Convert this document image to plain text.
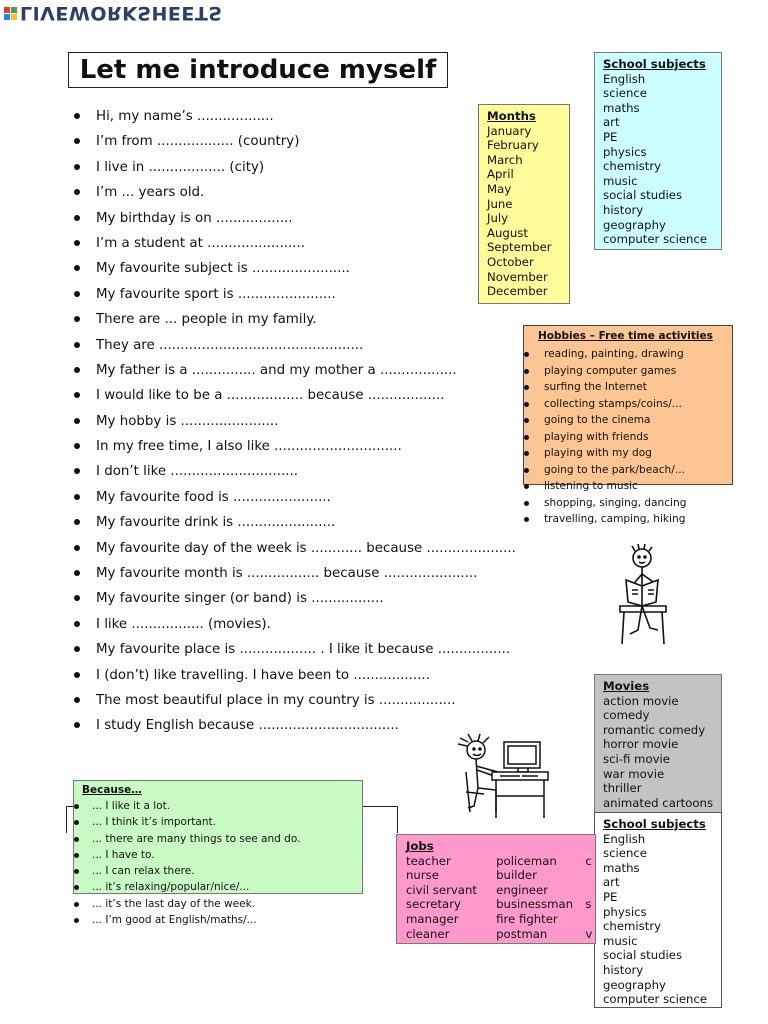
LIVEWORKSHEETS
Let me introduce myself
Hi, my name’s ..................
I’m from .................. (country)
I live in .................. (city)
I’m ... years old.
My birthday is on ..................
I’m a student at .......................
My favourite subject is .......................
My favourite sport is .......................
There are ... people in my family.
They are ................................................
My father is a ............... and my mother a ..................
I would like to be a .................. because ..................
My hobby is .......................
In my free time, I also like ..............................
I don’t like ..............................
My favourite food is .......................
My favourite drink is .......................
My favourite day of the week is ............ because .....................
My favourite month is ................. because ......................
My favourite singer (or band) is .................
I like ................. (movies).
My favourite place is .................. . I like it because .................
I (don’t) like travelling. I have been to ..................
The most beautiful place in my country is ..................
I study English because .................................
Months
January
February
March
April
May
June
July
August
September
October
November
December
School subjects
English
science
maths
art
PE
physics
chemistry
music
social studies
history
geography
computer science
Hobbies – Free time activities
reading, painting, drawing
playing computer games
surfing the Internet
collecting stamps/coins/...
going to the cinema
playing with friends
playing with my dog
going to the park/beach/...
listening to music
shopping, singing, dancing
travelling, camping, hiking
Movies
action movie
comedy
romantic comedy
horror movie
sci-fi movie
war movie
thriller
animated cartoons
School subjects
English
science
maths
art
PE
physics
chemistry
music
social studies
history
geography
computer science
Because…
... I like it a lot.
... I think it’s important.
... there are many things to see and do.
... I have to.
... I can relax there.
... it’s relaxing/popular/nice/...
... it’s the last day of the week.
... I’m good at English/maths/...
Jobs
teacher
nurse
civil servant
secretary
manager
cleaner
policeman
builder
engineer
businessman
fire fighter
postman
c

s

v
